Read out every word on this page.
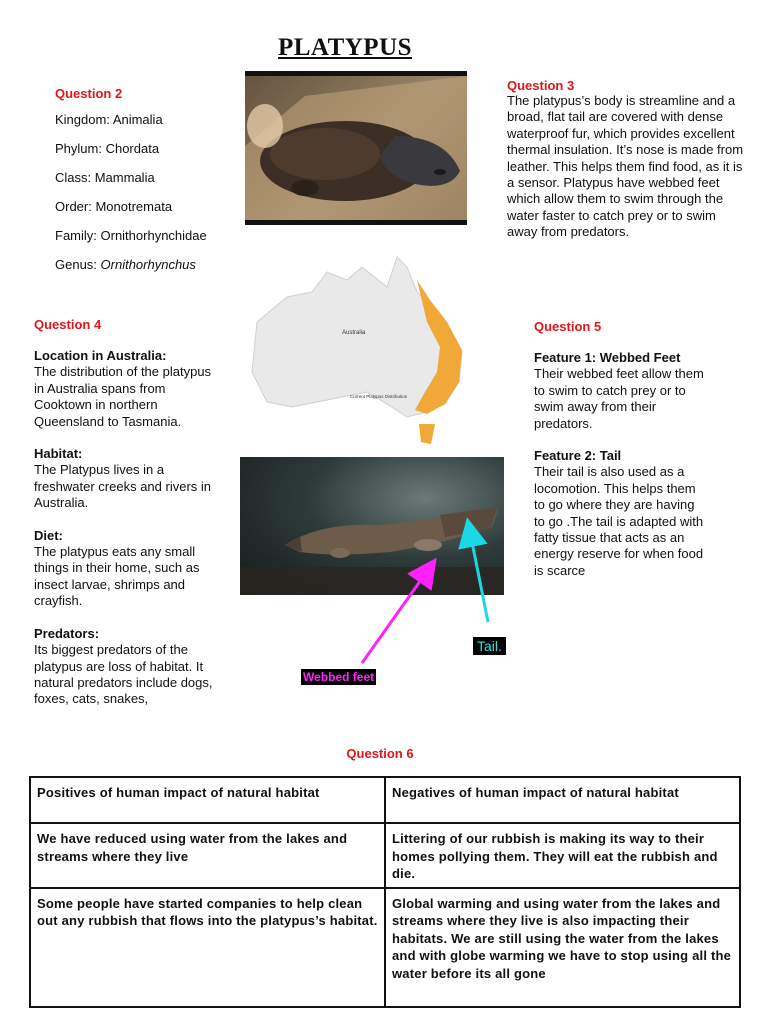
PLATYPUS
Question 2
Kingdom: Animalia
Phylum: Chordata
Class: Mammalia
Order: Monotremata
Family: Ornithorhynchidae
Genus: Ornithorhynchus
Australia
Current Platypus Distribution
Question 3
The platypus’s body is streamline and a broad, flat tail are covered with dense waterproof fur, which provides excellent thermal insulation. It’s nose is made from leather. This helps them find food, as it is a sensor. Platypus have webbed feet which allow them to swim through the water faster to catch prey or to swim away from predators.
Question 4
Location in Australia:
The distribution of the platypus in Australia spans from Cooktown in northern Queensland to Tasmania.
Habitat:
The Platypus lives in a freshwater creeks and rivers in Australia.
Diet:
The platypus eats any small things in their home, such as insect larvae, shrimps and crayfish.
Predators:
Its biggest predators of the platypus are loss of habitat. It natural predators include dogs, foxes, cats, snakes,
Question 5
Feature 1: Webbed Feet
Their webbed feet allow them to swim to catch prey or to swim away from their predators.
Feature 2: Tail
Their tail is also used as a locomotion. This helps them to go where they are having to go .The tail is adapted with fatty tissue that acts as an energy reserve for when food is scarce
Tail.
Webbed feet
Question 6
Positives of human impact of natural habitat	Negatives of human impact of natural habitat
We have reduced using water from the lakes and streams where they live	Littering of our rubbish is making its way to their homes pollying them. They will eat the rubbish and die.
Some people have started companies to help clean out any rubbish that flows into the platypus’s habitat.	Global warming and using water from the lakes and streams where they live is also impacting their habitats. We are still using the water from the lakes and with globe warming we have to stop using all the water before its all gone
